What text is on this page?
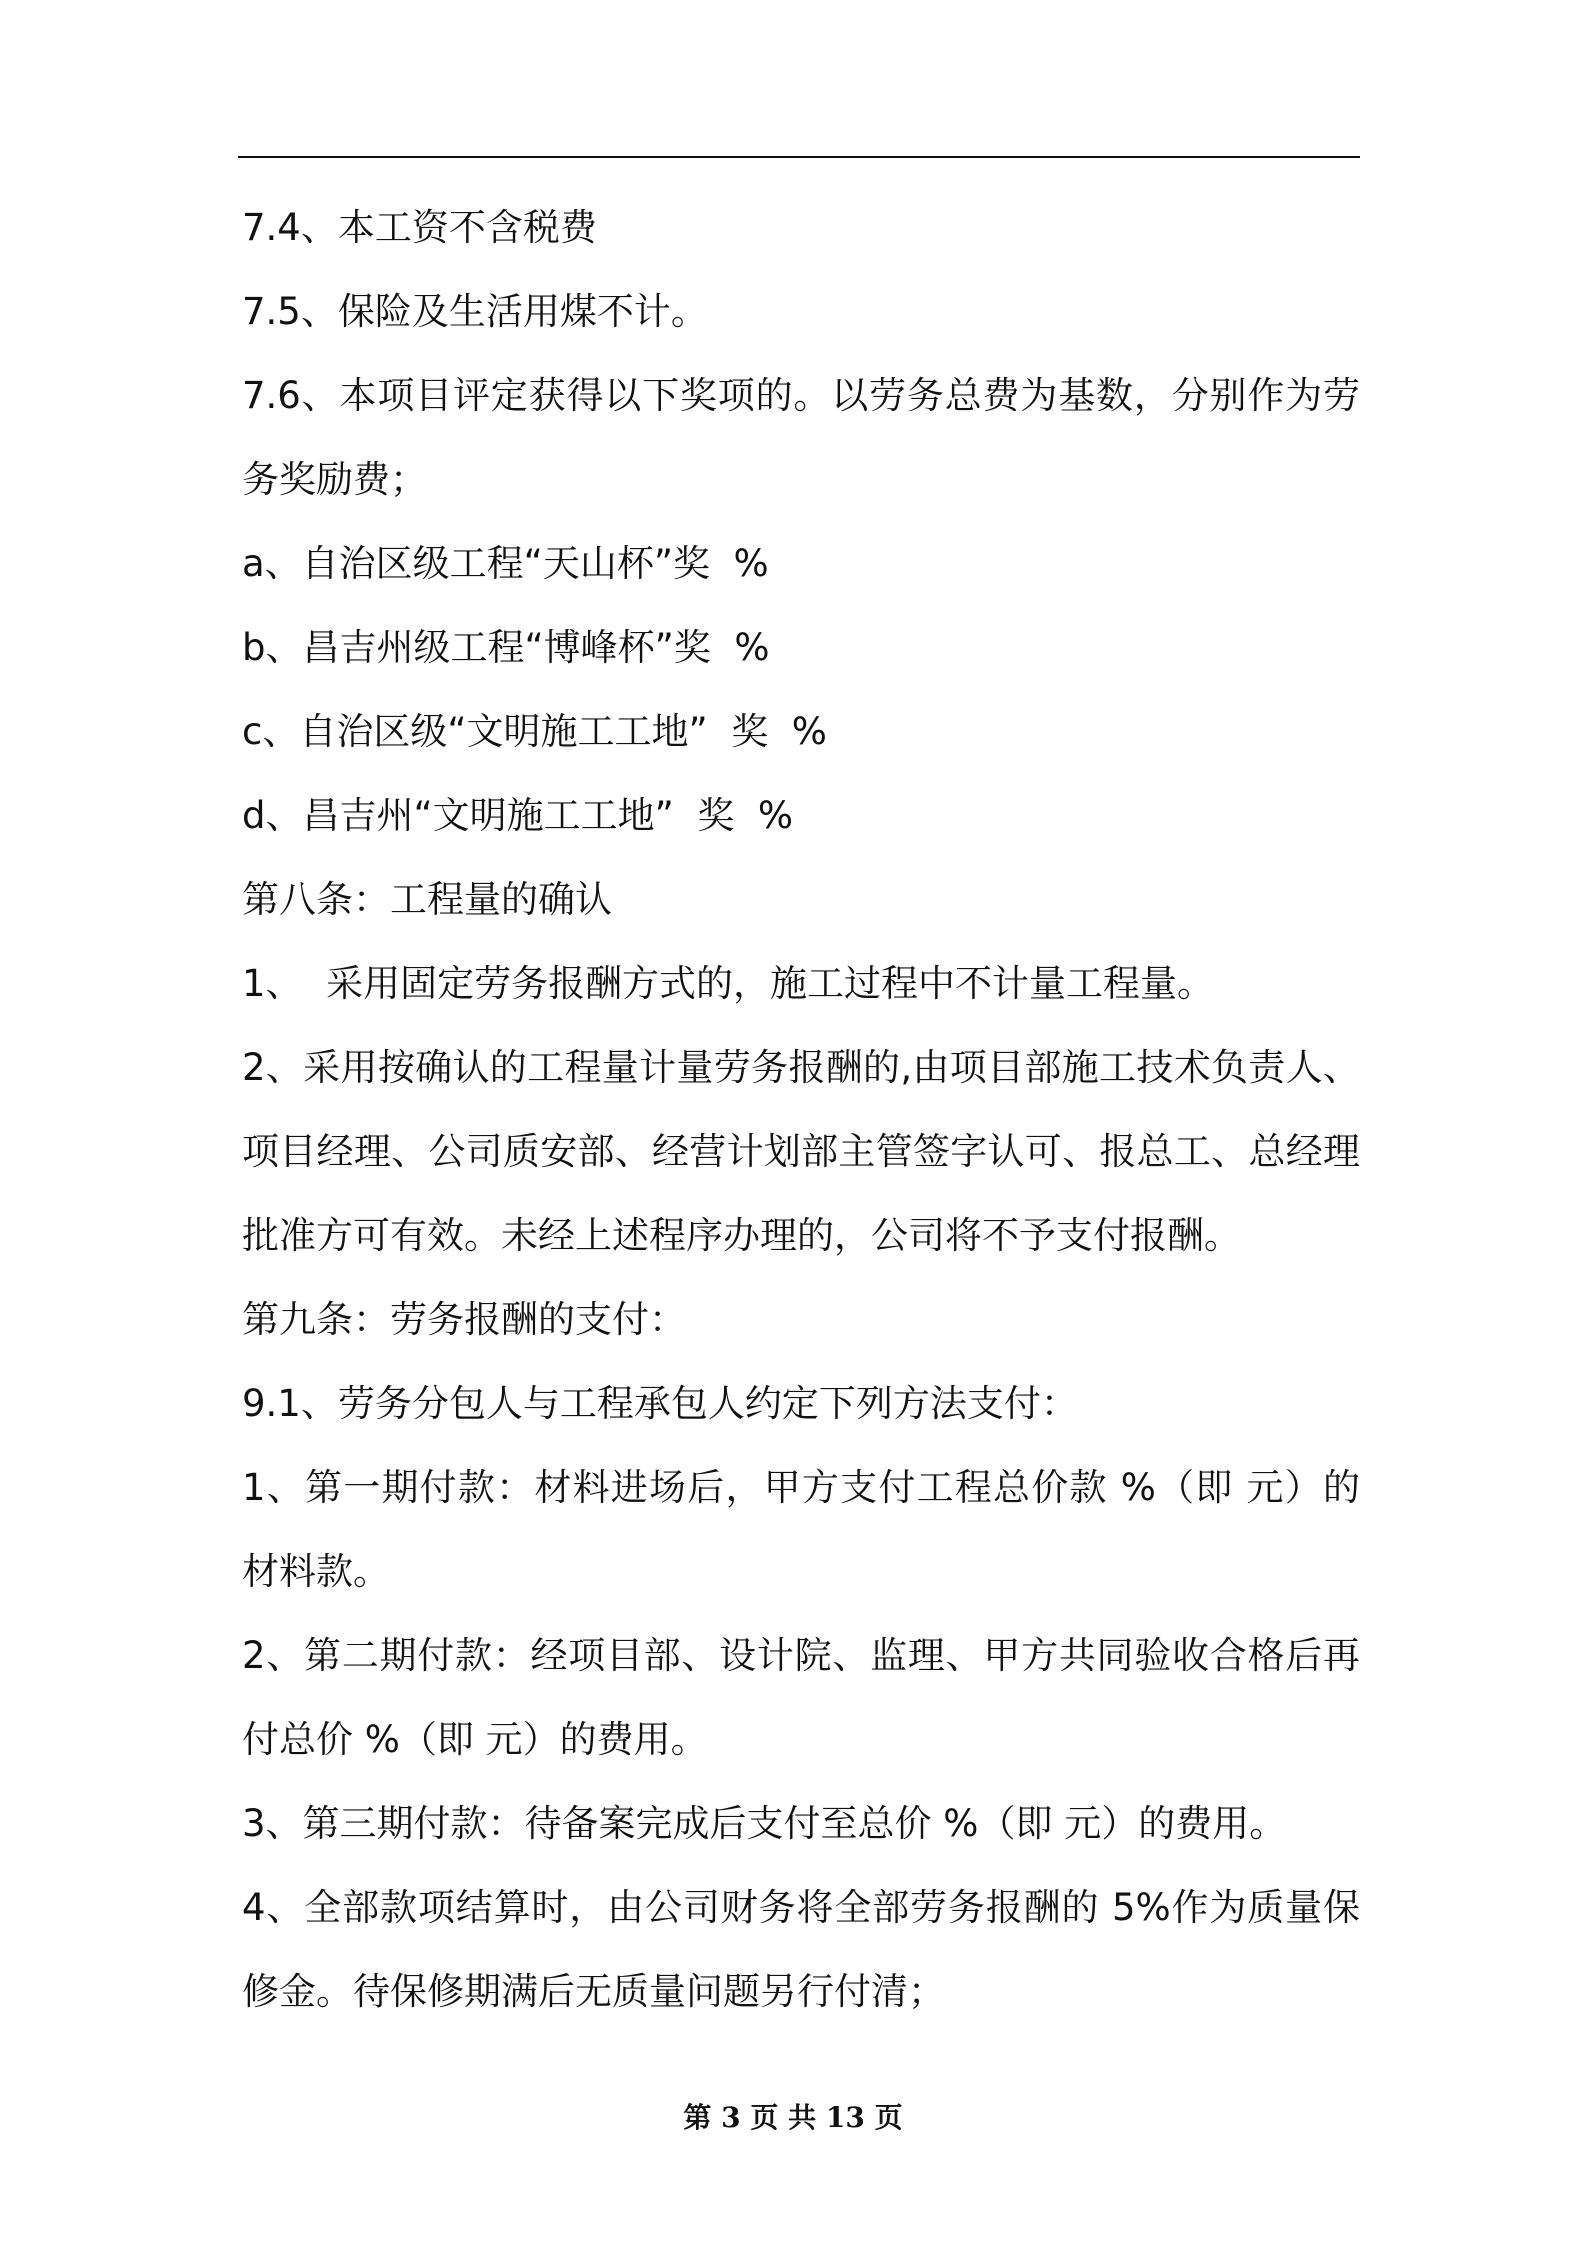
7.4、本工资不含税费
7.5、保险及生活用煤不计。
7.6、本项目评定获得以下奖项的。以劳务总费为基数，分别作为劳
务奖励费；
a、自治区级工程“天山杯”奖  %
b、昌吉州级工程“博峰杯”奖  %
c、自治区级“文明施工工地”  奖  %
d、昌吉州“文明施工工地”  奖  %
第八条：工程量的确认
1、  采用固定劳务报酬方式的，施工过程中不计量工程量。
2、采用按确认的工程量计量劳务报酬的,由项目部施工技术负责人、
项目经理、公司质安部、经营计划部主管签字认可、报总工、总经理
批准方可有效。未经上述程序办理的，公司将不予支付报酬。
第九条：劳务报酬的支付：
9.1、劳务分包人与工程承包人约定下列方法支付：
1、第一期付款：材料进场后，甲方支付工程总价款 %（即 元）的
材料款。
2、第二期付款：经项目部、设计院、监理、甲方共同验收合格后再
付总价 %（即 元）的费用。
3、第三期付款：待备案完成后支付至总价 %（即 元）的费用。
4、全部款项结算时，由公司财务将全部劳务报酬的 5%作为质量保
修金。待保修期满后无质量问题另行付清；
第 3 页 共 13 页
